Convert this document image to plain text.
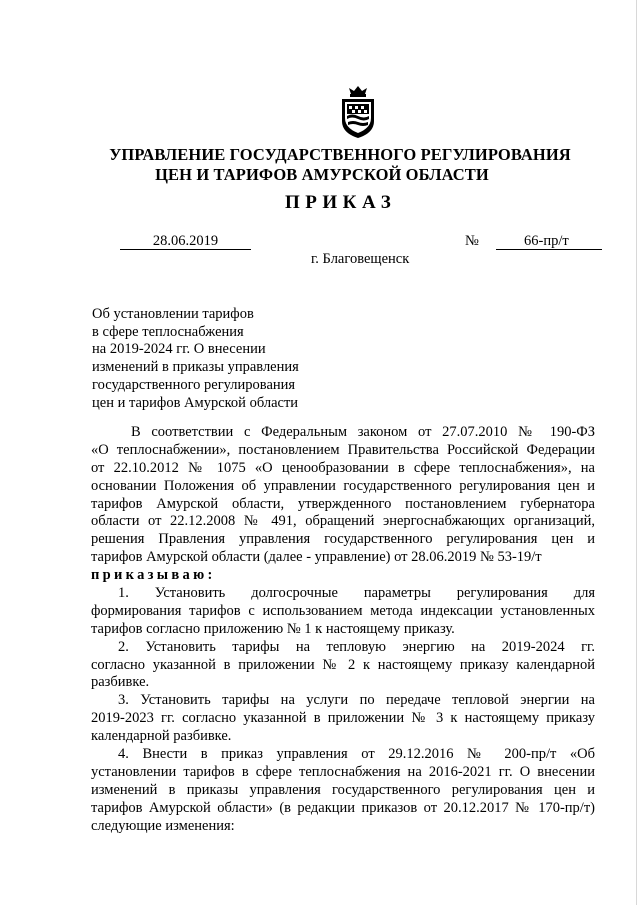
УПРАВЛЕНИЕ ГОСУДАРСТВЕННОГО РЕГУЛИРОВАНИЯ
ЦЕН И ТАРИФОВ АМУРСКОЙ ОБЛАСТИ
ПРИКАЗ
28.06.2019	№	66-пр/т
г. Благовещенск
Об установлении тарифов
в сфере теплоснабжения
на 2019-2024 гг. О внесении
изменений в приказы управления
государственного регулирования
цен и тарифов Амурской области
В соответствии с Федеральным законом от 27.07.2010 № 190-ФЗ
«О теплоснабжении», постановлением Правительства Российской Федерации
от 22.10.2012 № 1075 «О ценообразовании в сфере теплоснабжения», на
основании Положения об управлении государственного регулирования цен и
тарифов Амурской области, утвержденного постановлением губернатора
области от 22.12.2008 № 491, обращений энергоснабжающих организаций,
решения Правления управления государственного регулирования цен и
тарифов Амурской области (далее - управление) от 28.06.2019 № 53-19/т
приказываю:
1. Установить долгосрочные параметры регулирования для
формирования тарифов с использованием метода индексации установленных
тарифов согласно приложению № 1 к настоящему приказу.
2. Установить тарифы на тепловую энергию на 2019-2024 гг.
согласно указанной в приложении № 2 к настоящему приказу календарной
разбивке.
3. Установить тарифы на услуги по передаче тепловой энергии на
2019-2023 гг. согласно указанной в приложении № 3 к настоящему приказу
календарной разбивке.
4. Внести в приказ управления от 29.12.2016 № 200-пр/т «Об
установлении тарифов в сфере теплоснабжения на 2016-2021 гг. О внесении
изменений в приказы управления государственного регулирования цен и
тарифов Амурской области» (в редакции приказов от 20.12.2017 № 170-пр/т)
следующие изменения:
